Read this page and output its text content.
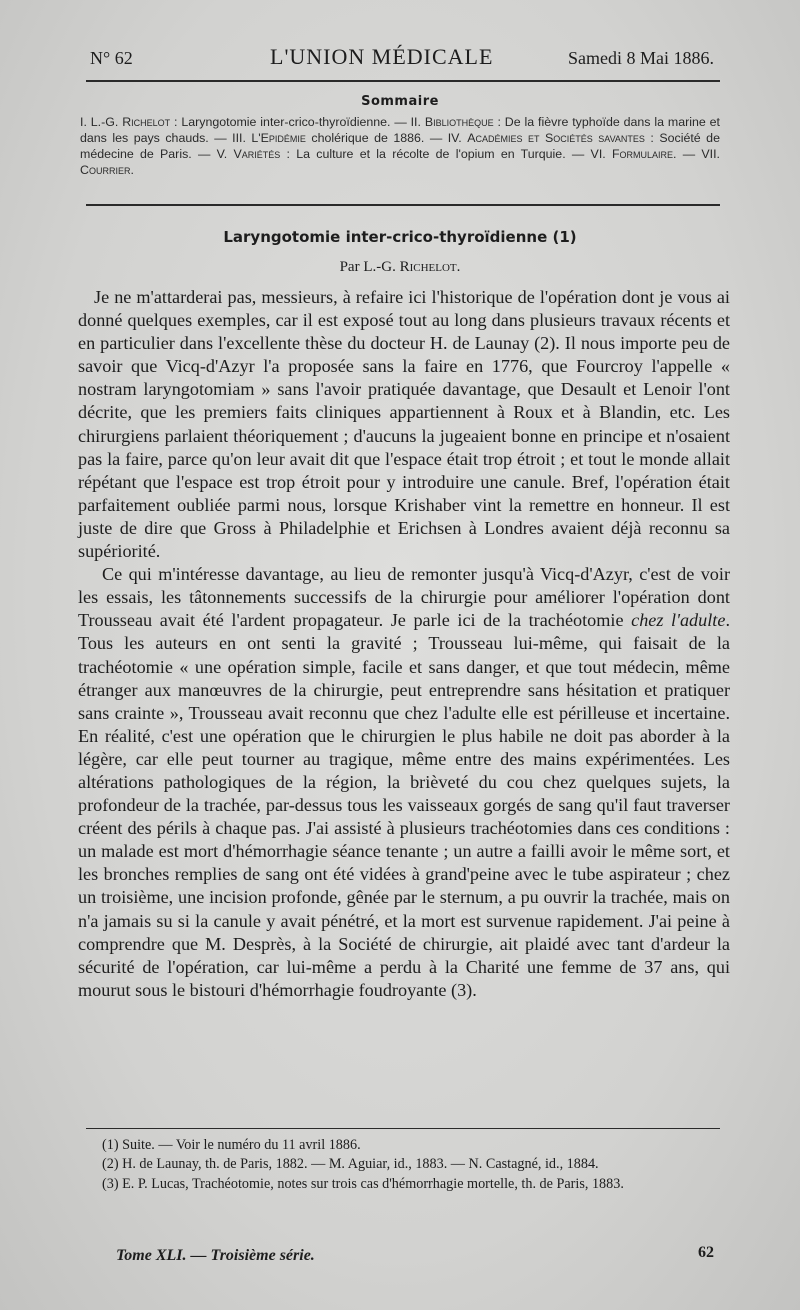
N° 62	L'UNION MÉDICALE	Samedi 8 Mai 1886.
Sommaire
I. L.-G. Richelot : Laryngotomie inter-crico-thyroïdienne. — II. Bibliothèque : De la fièvre typhoïde dans la marine et dans les pays chauds. — III. L'Epidémie cholérique de 1886. — IV. Académies et Sociétés savantes : Société de médecine de Paris. — V. Variétés : La culture et la récolte de l'opium en Turquie. — VI. Formulaire. — VII. Courrier.
Laryngotomie inter-crico-thyroïdienne (1)
Par L.-G. Richelot.

Je ne m'attarderai pas, messieurs, à refaire ici l'historique de l'opération dont je vous ai donné quelques exemples, car il est exposé tout au long dans plusieurs travaux récents et en particulier dans l'excellente thèse du docteur H. de Launay (2). Il nous importe peu de savoir que Vicq-d'Azyr l'a proposée sans la faire en 1776, que Fourcroy l'appelle « nostram laryngotomiam » sans l'avoir pratiquée davantage, que Desault et Lenoir l'ont décrite, que les premiers faits cliniques appartiennent à Roux et à Blandin, etc. Les chirurgiens parlaient théoriquement ; d'aucuns la jugeaient bonne en principe et n'osaient pas la faire, parce qu'on leur avait dit que l'espace était trop étroit ; et tout le monde allait répétant que l'espace est trop étroit pour y introduire une canule. Bref, l'opération était parfaitement oubliée parmi nous, lorsque Krishaber vint la remettre en honneur. Il est juste de dire que Gross à Philadelphie et Erichsen à Londres avaient déjà reconnu sa supériorité.

Ce qui m'intéresse davantage, au lieu de remonter jusqu'à Vicq-d'Azyr, c'est de voir les essais, les tâtonnements successifs de la chirurgie pour améliorer l'opération dont Trousseau avait été l'ardent propagateur. Je parle ici de la trachéotomie chez l'adulte. Tous les auteurs en ont senti la gravité ; Trousseau lui-même, qui faisait de la trachéotomie « une opération simple, facile et sans danger, et que tout médecin, même étranger aux manœuvres de la chirurgie, peut entreprendre sans hésitation et pratiquer sans crainte », Trousseau avait reconnu que chez l'adulte elle est périlleuse et incertaine. En réalité, c'est une opération que le chirurgien le plus habile ne doit pas aborder à la légère, car elle peut tourner au tragique, même entre des mains expérimentées. Les altérations pathologiques de la région, la brièveté du cou chez quelques sujets, la profondeur de la trachée, par-dessus tous les vaisseaux gorgés de sang qu'il faut traverser créent des périls à chaque pas. J'ai assisté à plusieurs trachéotomies dans ces conditions : un malade est mort d'hémorrhagie séance tenante ; un autre a failli avoir le même sort, et les bronches remplies de sang ont été vidées à grand'peine avec le tube aspirateur ; chez un troisième, une incision profonde, gênée par le sternum, a pu ouvrir la trachée, mais on n'a jamais su si la canule y avait pénétré, et la mort est survenue rapidement. J'ai peine à comprendre que M. Desprès, à la Société de chirurgie, ait plaidé avec tant d'ardeur la sécurité de l'opération, car lui-même a perdu à la Charité une femme de 37 ans, qui mourut sous le bistouri d'hémorrhagie foudroyante (3).

(1) Suite. — Voir le numéro du 11 avril 1886.

(2) H. de Launay, th. de Paris, 1882. — M. Aguiar, id., 1883. — N. Castagné, id., 1884.

(3) E. P. Lucas, Trachéotomie, notes sur trois cas d'hémorrhagie mortelle, th. de Paris, 1883.

Tome XLI. — Troisième série.	62
